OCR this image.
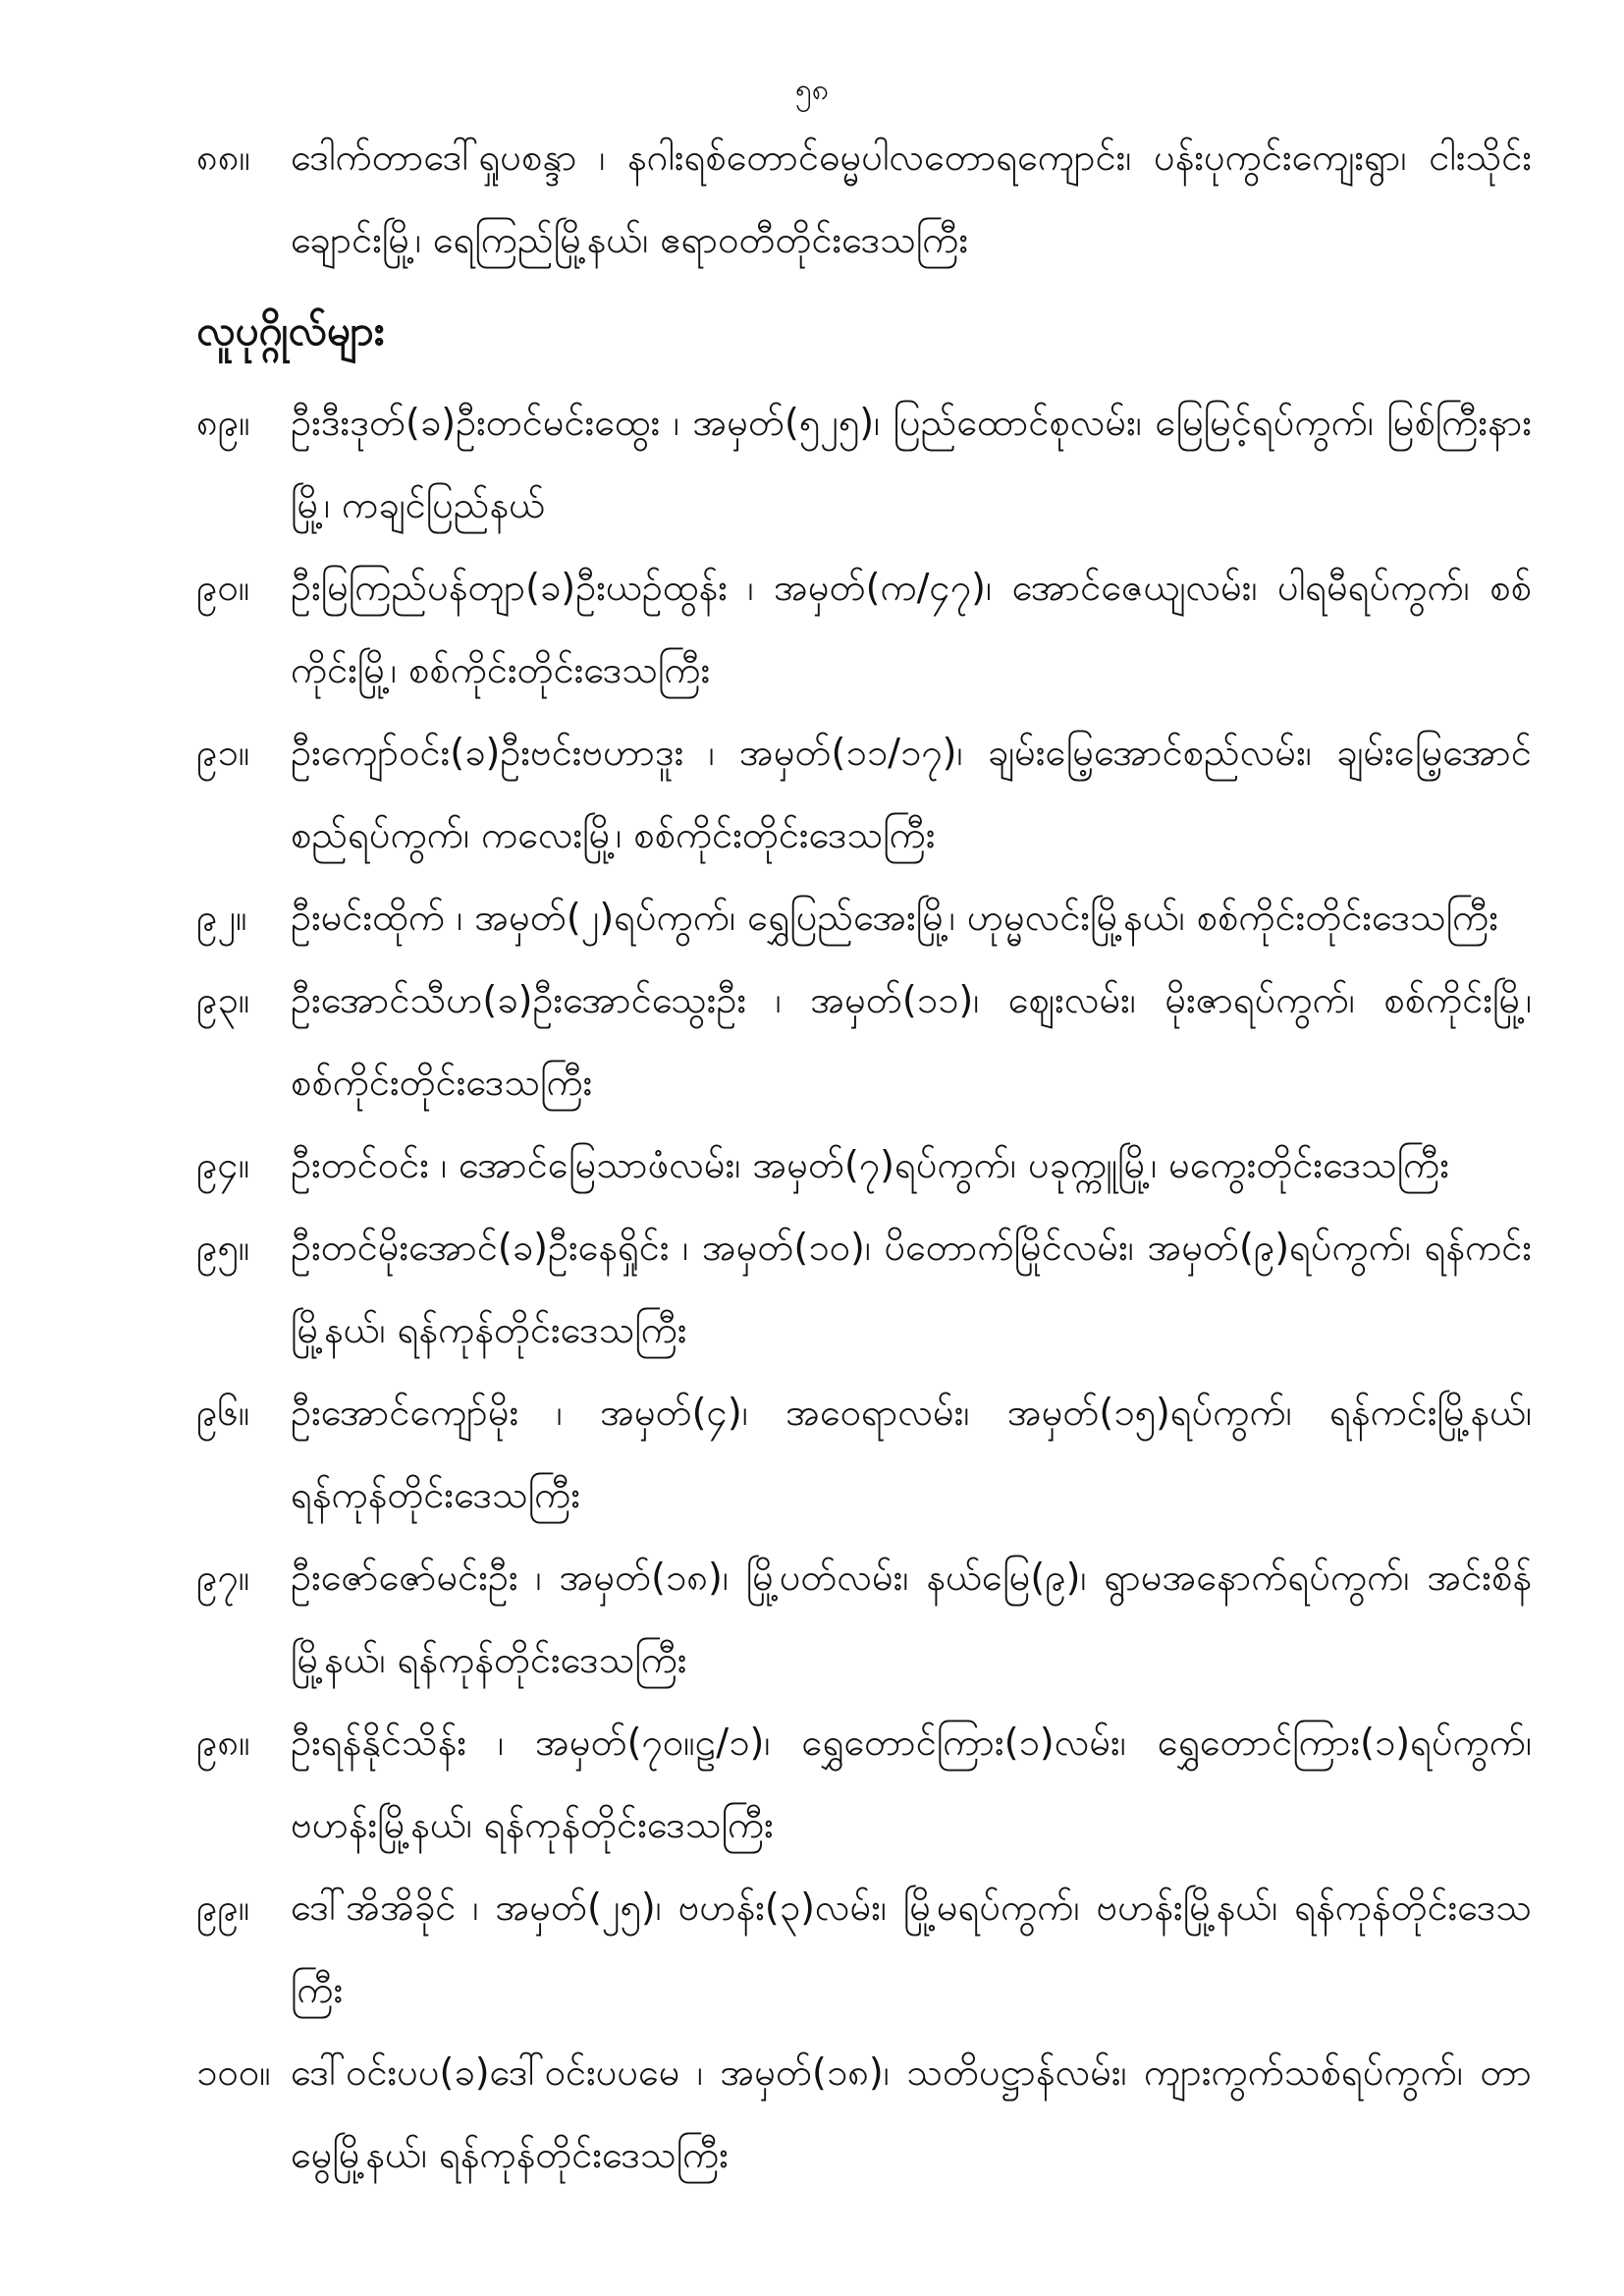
၅၈
၈၈။	ဒေါက်တာဒေါ်ရှုပစန္ဒာ ၊ နဂါးရစ်တောင်ဓမ္မပါလတောရကျောင်း၊ ပန်းပုကွင်းကျေးရွာ၊ ငါးသိုင်းချောင်းမြို့၊ ရေကြည်မြို့နယ်၊ ဧရာဝတီတိုင်းဒေသကြီး
လူပုဂ္ဂိုလ်များ
၈၉။	ဦးဒီးဒုတ်(ခ)ဦးတင်မင်းထွေး ၊ အမှတ်(၅၂၅)၊ ပြည်ထောင်စုလမ်း၊ မြေမြင့်ရပ်ကွက်၊ မြစ်ကြီးနားမြို့၊ ကချင်ပြည်နယ်
၉၀။	ဦးမြကြည်ပန်တျာ(ခ)ဦးယဉ်ထွန်း ၊ အမှတ်(က/၄၇)၊ အောင်ဇေယျလမ်း၊ ပါရမီရပ်ကွက်၊ စစ်ကိုင်းမြို့၊ စစ်ကိုင်းတိုင်းဒေသကြီး
၉၁။	ဦးကျော်ဝင်း(ခ)ဦးဗင်းဗဟာဒူး ၊ အမှတ်(၁၁/၁၇)၊ ချမ်းမြေ့အောင်စည်လမ်း၊ ချမ်းမြေ့အောင်စည်ရပ်ကွက်၊ ကလေးမြို့၊ စစ်ကိုင်းတိုင်းဒေသကြီး
၉၂။	ဦးမင်းထိုက် ၊ အမှတ်(၂)ရပ်ကွက်၊ ရွှေပြည်အေးမြို့၊ ဟုမ္မလင်းမြို့နယ်၊ စစ်ကိုင်းတိုင်းဒေသကြီး
၉၃။	ဦးအောင်သီဟ(ခ)ဦးအောင်သွေးဦး ၊ အမှတ်(၁၁)၊ ဈေးလမ်း၊ မိုးဇာရပ်ကွက်၊ စစ်ကိုင်းမြို့၊ စစ်ကိုင်းတိုင်းဒေသကြီး
၉၄။	ဦးတင်ဝင်း ၊ အောင်မြေသာဖံလမ်း၊ အမှတ်(၇)ရပ်ကွက်၊ ပခုက္ကူမြို့၊ မကွေးတိုင်းဒေသကြီး
၉၅။	ဦးတင်မိုးအောင်(ခ)ဦးနေရှိုင်း ၊ အမှတ်(၁၀)၊ ပိတောက်မြိုင်လမ်း၊ အမှတ်(၉)ရပ်ကွက်၊ ရန်ကင်းမြို့နယ်၊ ရန်ကုန်တိုင်းဒေသကြီး
၉၆။	ဦးအောင်ကျော်မိုး ၊ အမှတ်(၄)၊ အဝေရာလမ်း၊ အမှတ်(၁၅)ရပ်ကွက်၊ ရန်ကင်းမြို့နယ်၊ ရန်ကုန်တိုင်းဒေသကြီး
၉၇။	ဦးဇော်ဇော်မင်းဦး ၊ အမှတ်(၁၈)၊ မြို့ပတ်လမ်း၊ နယ်မြေ(၉)၊ ရွာမအနောက်ရပ်ကွက်၊ အင်းစိန်မြို့နယ်၊ ရန်ကုန်တိုင်းဒေသကြီး
၉၈။	ဦးရန်နိုင်သိန်း ၊ အမှတ်(၇၀။ဠ/၁)၊ ရွှေတောင်ကြား(၁)လမ်း၊ ရွှေတောင်ကြား(၁)ရပ်ကွက်၊ ဗဟန်းမြို့နယ်၊ ရန်ကုန်တိုင်းဒေသကြီး
၉၉။	ဒေါ်အိအိခိုင် ၊ အမှတ်(၂၅)၊ ဗဟန်း(၃)လမ်း၊ မြို့မရပ်ကွက်၊ ဗဟန်းမြို့နယ်၊ ရန်ကုန်တိုင်းဒေသကြီး
၁၀၀။ ဒေါ်ဝင်းပပ(ခ)ဒေါ်ဝင်းပပမေ ၊ အမှတ်(၁၈)၊ သတိပဋ္ဌာန်လမ်း၊ ကျားကွက်သစ်ရပ်ကွက်၊ တာမွေမြို့နယ်၊ ရန်ကုန်တိုင်းဒေသကြီး
